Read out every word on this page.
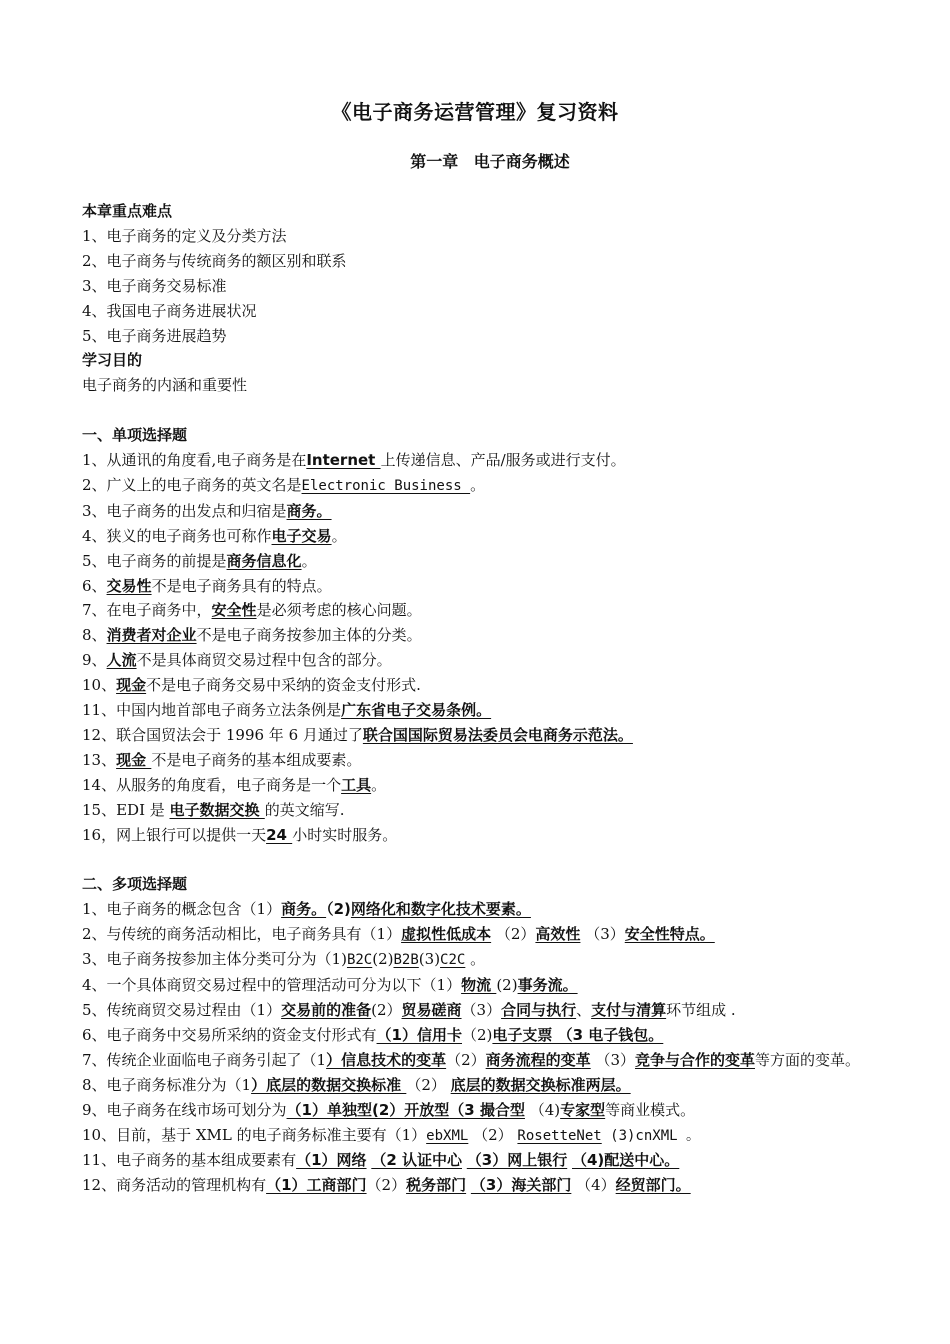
《电子商务运营管理》复习资料
第一章 电子商务概述
本章重点难点
1、电子商务的定义及分类方法
2、电子商务与传统商务的额区别和联系
3、电子商务交易标准
4、我国电子商务进展状况
5、电子商务进展趋势
学习目的
电子商务的内涵和重要性
一、单项选择题
1、从通讯的角度看,电子商务是在Internet 上传递信息、产品/服务或进行支付。
2、广义上的电子商务的英文名是Electronic Business 。
3、电子商务的出发点和归宿是商务。
4、狭义的电子商务也可称作电子交易。
5、电子商务的前提是商务信息化。
6、交易性不是电子商务具有的特点。
7、在电子商务中，安全性是必须考虑的核心问题。
8、消费者对企业不是电子商务按参加主体的分类。
9、人流不是具体商贸交易过程中包含的部分。
10、现金不是电子商务交易中采纳的资金支付形式.
11、中国内地首部电子商务立法条例是广东省电子交易条例。
12、联合国贸法会于 1996 年 6 月通过了联合国国际贸易法委员会电商务示范法。
13、现金 不是电子商务的基本组成要素。
14、从服务的角度看，电子商务是一个工具。
15、EDI 是 电子数据交换 的英文缩写.
16，网上银行可以提供一天24 小时实时服务。
二、多项选择题
1、电子商务的概念包含（1）商务。（2)网络化和数字化技术要素。
2、与传统的商务活动相比，电子商务具有（1）虚拟性低成本 （2）高效性 （3）安全性特点。
3、电子商务按参加主体分类可分为（1)B2C(2)B2B(3)C2C 。
4、一个具体商贸交易过程中的管理活动可分为以下（1）物流 (2)事务流。
5、传统商贸交易过程由（1）交易前的准备(2）贸易磋商（3）合同与执行、支付与清算环节组成 .
6、电子商务中交易所采纳的资金支付形式有（1）信用卡（2)电子支票 （3 电子钱包。
7、传统企业面临电子商务引起了（1）信息技术的变革（2）商务流程的变革 （3）竞争与合作的变革等方面的变革。
8、电子商务标准分为（1）底层的数据交换标准 （2） 底层的数据交换标准两层。
9、电子商务在线市场可划分为（1）单独型(2）开放型（3 撮合型 （4)专家型等商业模式。
10、目前，基于 XML 的电子商务标准主要有（1）ebXML （2） RosetteNet (3)cnXML 。
11、电子商务的基本组成要素有（1）网络 （2 认证中心 （3）网上银行 （4)配送中心。
12、商务活动的管理机构有（1）工商部门（2）税务部门 （3）海关部门 （4）经贸部门。
